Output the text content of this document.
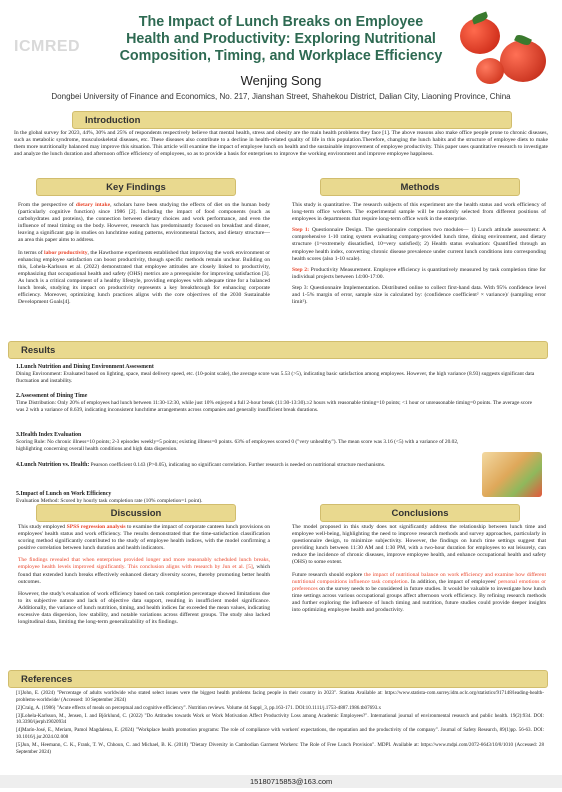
ICMRED
The Impact of Lunch Breaks on Employee
Health and Productivity: Exploring Nutritional
Composition, Timing, and Workplace Efficiency
Wenjing Song
Dongbei University of Finance and Economics, No. 217, Jianshan Street, Shahekou District, Dalian City, Liaoning Province, China
Introduction
In the global survey for 2023, 44%, 30% and 25% of respondents respectively believe that mental health, stress and obesity are the main health problems they face [1]. The above reasons also make office people prone to chronic diseases, such as metabolic syndrome, musculoskeletal diseases, etc. These diseases also contribute to a decline in health-related quality of life in this population.Therefore, changing the lunch habits and the structure of employee diets to make them more nutritionally balanced may improve this situation. This article will examine the impact of employee lunch on health and the sustainable improvement of employee productivity. This paper uses quantitative research to investigate and analyze the lunch duration and afternoon office efficiency of employees, so as to provide a basis for enterprises to improve the working environment and improve employee happiness.
Key Findings

From the perspective of dietary intake, scholars have been studying the effects of diet on the human body (particularly cognitive function) since 1986 [2]. Including the impact of food components (such as carbohydrates and proteins), the connection between dietary choices and work performance, and even the influence of meal timing on the body. However, research has predominantly focused on breakfast and dinner, leaving a significant gap in studies on lunchtime eating patterns, environmental factors, and dietary structure—an area this paper aims to address.

In terms of labor productivity, the Hawthorne experiments established that improving the work environment or enhancing employee satisfaction can boost productivity, though specific methods remain unclear. Building on this, Lohela-Karlsson et al. (2022) demonstrated that employee attitudes are closely linked to productivity, emphasizing that occupational health and safety (OHS) metrics are a prerequisite for improving satisfaction [3]. As lunch is a critical component of a healthy lifestyle, providing employees with adequate time for a balanced lunch break, studying its impact on productivity represents a key breakthrough for enhancing corporate efficiency. Moreover, optimizing lunch practices aligns with the core objectives of the 2030 Sustainable Development Goals[4].

Methods

This study is quantitative. The research subjects of this experiment are the health status and work efficiency of long-term office workers. The experimental sample will be randomly selected from different positions of employees in departments that require long-term office work in the enterprise.

Step 1: Questionnaire Design. The questionnaire comprises two modules— 1) Lunch attitude assessment: A comprehensive 1-10 rating system evaluating company-provided lunch time, dining environment, and dietary structure (1=extremely dissatisfied, 10=very satisfied); 2) Health status evaluation: Quantified through an employee health index, converting chronic disease prevalence under current lunch conditions into corresponding health scores (also 1-10 scale).

Step 2: Productivity Measurement. Employee efficiency is quantitatively measured by task completion time for individual projects between 14:00-17:00.

Step 3: Questionnaire Implementation. Distributed online to collect first-hand data. With 95% confidence level and 1-5% margin of error, sample size is calculated by: (confidence coefficient² × variance)/ (sampling error limit²).

Results
1.Lunch Nutrition and Dining Environment Assessment
Dining Environment: Evaluated based on lighting, space, meal delivery speed, etc. (10-point scale), the average score was 5.53 (>5), indicating basic satisfaction among employees. However, the high variance (8.93) suggests significant data fluctuation and instability.
2.Assessment of Dining Time
Time Distribution: Only 20% of employees had lunch between 11:30-12:30, while just 10% enjoyed a full 2-hour break (11:30-13:30).≥2 hours with reasonable timing=10 points; <1 hour or unreasonable timing=0 points. The average score was 2 with a variance of 8.639, indicating inconsistent lunchtime arrangements across companies and generally insufficient break durations.
3.Health Index Evaluation
Scoring Rule: No chronic illness=10 points; 2-3 episodes weekly=5 points; existing illness=0 points. 63% of employees scored 0 ("very unhealthy"). The mean score was 3.16 (<5) with a variance of 20.02, highlighting concerning overall health conditions and high data dispersion.
4.Lunch Nutrition vs. Health: Pearson coefficient 0.143 (P>0.05), indicating no significant correlation. Further research is needed on nutritional structure mechanisms.
5.Impact of Lunch on Work Efficiency
Evaluation Method: Scored by hourly task completion rate (10% completion=1 point).
Discussion

This study employed SPSS regression analysis to examine the impact of corporate canteen lunch provisions on employees' health status and work efficiency. The results demonstrated that the time-satisfaction classification scoring method significantly contributed to the study of employee health indices, with the model confirming a positive correlation between lunch duration and health indicators.

The findings revealed that when enterprises provided longer and more reasonably scheduled lunch breaks, employee health levels improved significantly. This conclusion aligns with research by Jun et al. [5], which found that extended lunch breaks effectively enhanced dietary diversity scores, thereby promoting better health outcomes.

However, the study's evaluation of work efficiency based on task completion percentage showed limitations due to its subjective nature and lack of objective data support, resulting in insufficient model significance. Additionally, the variance of lunch nutrition, timing, and health indices far exceeded the mean values, indicating excessive data dispersion, low stability, and notable variations across different groups. The study also lacked longitudinal data, limiting the long-term generalizability of its findings.

Conclusions

The model proposed in this study does not significantly address the relationship between lunch time and employee well-being, highlighting the need to improve research methods and survey approaches, particularly in questionnaire design, to minimize subjectivity. However, the findings on lunch time settings suggest that providing lunch between 11:30 AM and 1:30 PM, with a two-hour duration for employees to eat leisurely, can reduce the incidence of chronic diseases, improve employee health, and enhance occupational health and safety (OHS) to some extent.

Future research should explore the impact of nutritional balance on work efficiency and examine how different nutritional compositions influence task completion. In addition, the impact of employees' personal emotions or preferences on the survey needs to be considered in future studies. It would be valuable to investigate how lunch time settings across various occupational groups affect afternoon work efficiency. By refining research methods and further exploring the influence of lunch timing and nutrition, future studies could provide deeper insights into optimizing employee health and productivity.

References

[1]John, E. (2024) "Percentage of adults worldwide who stated select issues were the biggest health problems facing people in their country in 2023". Statista Available at: https://www.statista-com.surrey.idm.oclc.org/statistics/917148/leading-health-problems-worldwide/ (Accessed: 10 September 2024)

[2]Craig, A. (1986) "Acute effects of meals on perceptual and cognitive efficiency". Nutrition reviews. Volume 44 Suppl_3, pp.163-171. DOI:10.1111/j.1753-4887.1986.tb07693.x

[3]Lohela-Karlsson, M., Jensen, I. and Björklund, C. (2022) "Do Attitudes towards Work or Work Motivation Affect Productivity Loss among Academic Employees?". International journal of environmental research and public health. 19(2):934. DOI: 10.3390/ijerph19020934

[4]Marín-José, E., Meriam, Pamol Magdalena, E. (2024) "Workplace health promotion programs: The role of compliance with workers' expectations, the reputation and the productivity of the company". Journal of Safety Research, 89(1)pp. 56-63. DOI: 10.1016/j.jsr.2024.02.008

[5]Jun, M., Heemann, C. K., Frank, T. W., Chhoun, C. and Michael, B. K. (2018) "Dietary Diversity in Cambodian Garment Workers: The Role of Free Lunch Provision". MDPI. Available at: https://www.mdpi.com/2072-6643/10/8/1010 (Accessed: 28 September 2024)

15180715853@163.com
